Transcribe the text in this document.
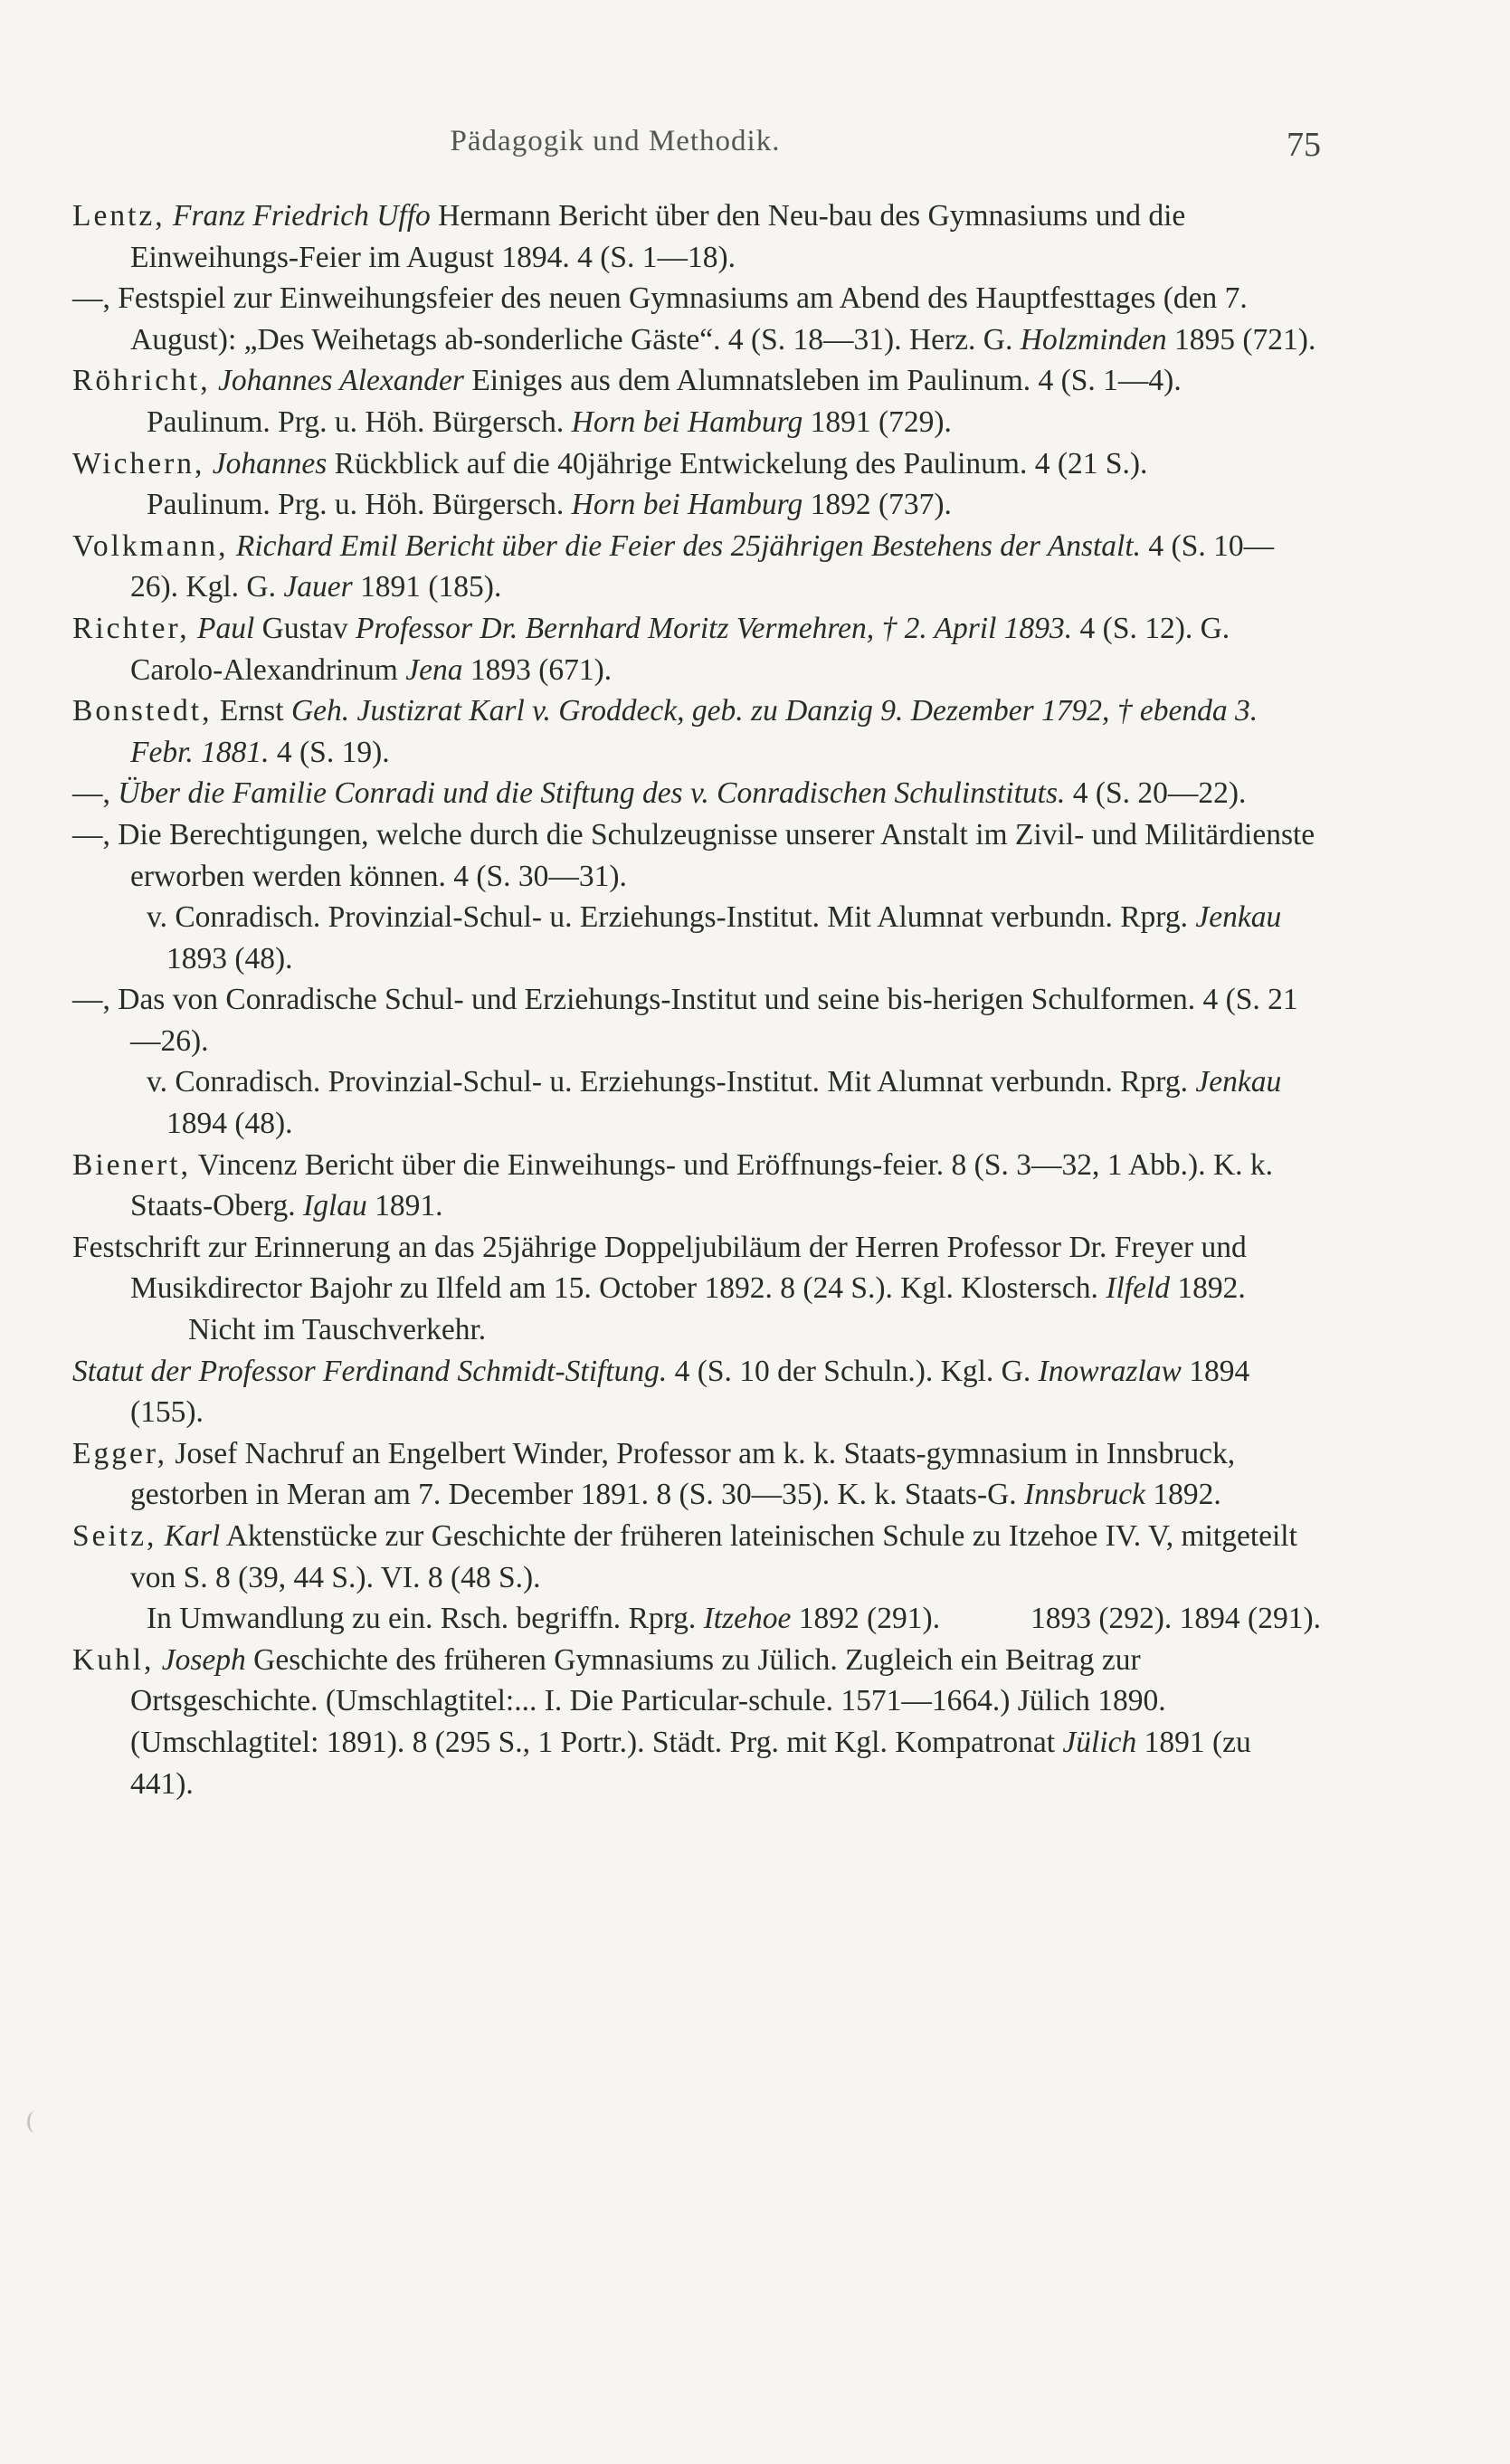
Pädagogik und Methodik.	75
Lentz, Franz Friedrich Uffo Hermann Bericht über den Neu-bau des Gymnasiums und die Einweihungs-Feier im August 1894. 4 (S. 1—18).
—, Festspiel zur Einweihungsfeier des neuen Gymnasiums am Abend des Hauptfesttages (den 7. August): „Des Weihetags ab-sonderliche Gäste“. 4 (S. 18—31). Herz. G. Holzminden 1895 (721).
Röhricht, Johannes Alexander Einiges aus dem Alumnatsleben im Paulinum. 4 (S. 1—4).
Paulinum. Prg. u. Höh. Bürgersch. Horn bei Hamburg 1891 (729).
Wichern, Johannes Rückblick auf die 40jährige Entwickelung des Paulinum. 4 (21 S.).
Paulinum. Prg. u. Höh. Bürgersch. Horn bei Hamburg 1892 (737).
Volkmann, Richard Emil Bericht über die Feier des 25jährigen Bestehens der Anstalt. 4 (S. 10—26). Kgl. G. Jauer 1891 (185).
Richter, Paul Gustav Professor Dr. Bernhard Moritz Vermehren, † 2. April 1893. 4 (S. 12). G. Carolo-Alexandrinum Jena 1893 (671).
Bonstedt, Ernst Geh. Justizrat Karl v. Groddeck, geb. zu Danzig 9. Dezember 1792, † ebenda 3. Febr. 1881. 4 (S. 19).
—, Über die Familie Conradi und die Stiftung des v. Conradischen Schulinstituts. 4 (S. 20—22).
—, Die Berechtigungen, welche durch die Schulzeugnisse unserer Anstalt im Zivil- und Militärdienste erworben werden können. 4 (S. 30—31).
v. Conradisch. Provinzial-Schul- u. Erziehungs-Institut. Mit Alumnat verbundn. Rprg. Jenkau 1893 (48).
—, Das von Conradische Schul- und Erziehungs-Institut und seine bis-herigen Schulformen. 4 (S. 21—26).
v. Conradisch. Provinzial-Schul- u. Erziehungs-Institut. Mit Alumnat verbundn. Rprg. Jenkau 1894 (48).
Bienert, Vincenz Bericht über die Einweihungs- und Eröffnungs-feier. 8 (S. 3—32, 1 Abb.). K. k. Staats-Oberg. Iglau 1891.
Festschrift zur Erinnerung an das 25jährige Doppeljubiläum der Herren Professor Dr. Freyer und Musikdirector Bajohr zu Ilfeld am 15. October 1892. 8 (24 S.). Kgl. Klostersch. Ilfeld 1892.
Nicht im Tauschverkehr.
Statut der Professor Ferdinand Schmidt-Stiftung. 4 (S. 10 der Schuln.). Kgl. G. Inowrazlaw 1894 (155).
Egger, Josef Nachruf an Engelbert Winder, Professor am k. k. Staats-gymnasium in Innsbruck, gestorben in Meran am 7. December 1891. 8 (S. 30—35). K. k. Staats-G. Innsbruck 1892.
Seitz, Karl Aktenstücke zur Geschichte der früheren lateinischen Schule zu Itzehoe IV. V, mitgeteilt von S. 8 (39, 44 S.). VI. 8 (48 S.).
In Umwandlung zu ein. Rsch. begriffn. Rprg. Itzehoe 1892 (291).	1893 (292). 1894 (291).
Kuhl, Joseph Geschichte des früheren Gymnasiums zu Jülich. Zugleich ein Beitrag zur Ortsgeschichte. (Umschlagtitel:... I. Die Particular-schule. 1571—1664.) Jülich 1890. (Umschlagtitel: 1891). 8 (295 S., 1 Portr.). Städt. Prg. mit Kgl. Kompatronat Jülich 1891 (zu 441).
